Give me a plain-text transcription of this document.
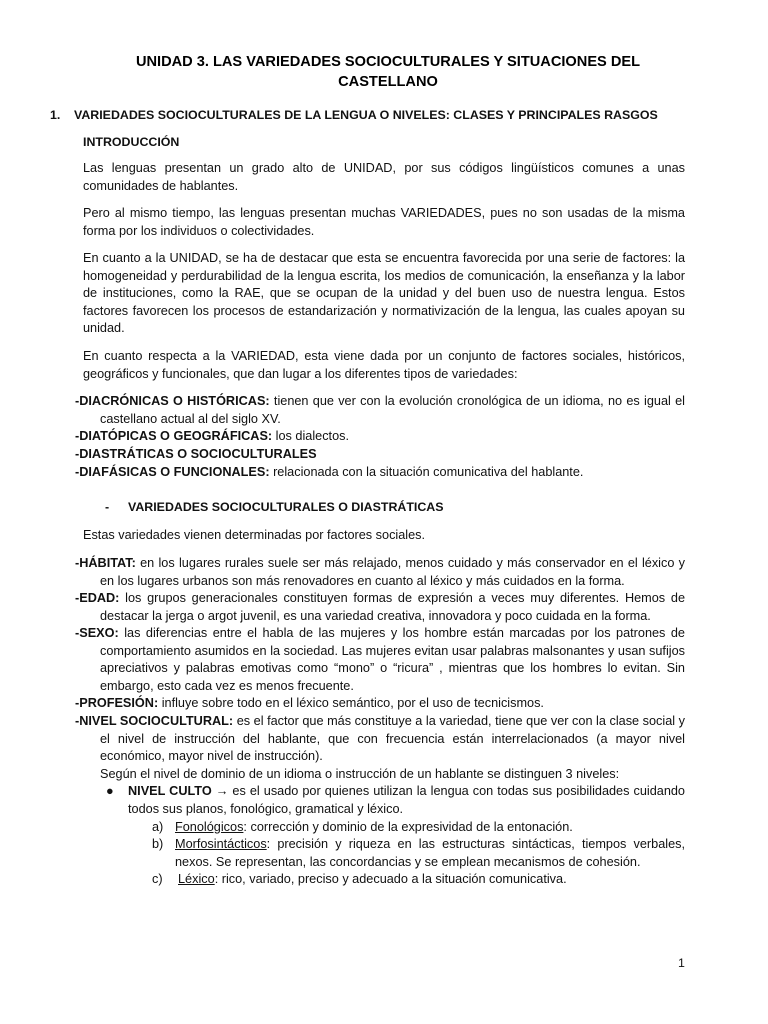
UNIDAD 3. LAS VARIEDADES SOCIOCULTURALES Y SITUACIONES DEL
CASTELLANO
1. VARIEDADES SOCIOCULTURALES DE LA LENGUA O NIVELES: CLASES Y PRINCIPALES RASGOS
INTRODUCCIÓN
Las lenguas presentan un grado alto de UNIDAD, por sus códigos lingüísticos comunes a unas comunidades de hablantes.
Pero al mismo tiempo, las lenguas presentan muchas VARIEDADES, pues no son usadas de la misma forma por los individuos o colectividades.
En cuanto a la UNIDAD, se ha de destacar que esta se encuentra favorecida por una serie de factores: la homogeneidad y perdurabilidad de la lengua escrita, los medios de comunicación, la enseñanza y la labor de instituciones, como la RAE, que se ocupan de la unidad y del buen uso de nuestra lengua. Estos factores favorecen los procesos de estandarización y normativización de la lengua, las cuales apoyan su unidad.
En cuanto respecta a la VARIEDAD, esta viene dada por un conjunto de factores sociales, históricos, geográficos y funcionales, que dan lugar a los diferentes tipos de variedades:
-DIACRÓNICAS O HISTÓRICAS: tienen que ver con la evolución cronológica de un idioma, no es igual el castellano actual al del siglo XV.
-DIATÓPICAS O GEOGRÁFICAS: los dialectos.
-DIASTRÁTICAS O SOCIOCULTURALES
-DIAFÁSICAS O FUNCIONALES: relacionada con la situación comunicativa del hablante.
- VARIEDADES SOCIOCULTURALES O DIASTRÁTICAS
Estas variedades vienen determinadas por factores sociales.
-HÁBITAT: en los lugares rurales suele ser más relajado, menos cuidado y más conservador en el léxico y en los lugares urbanos son más renovadores en cuanto al léxico y más cuidados en la forma.
-EDAD: los grupos generacionales constituyen formas de expresión a veces muy diferentes. Hemos de destacar la jerga o argot juvenil, es una variedad creativa, innovadora y poco cuidada en la forma.
-SEXO: las diferencias entre el habla de las mujeres y los hombre están marcadas por los patrones de comportamiento asumidos en la sociedad. Las mujeres evitan usar palabras malsonantes y usan sufijos apreciativos y palabras emotivas como “mono” o “ricura” , mientras que los hombres lo evitan. Sin embargo, esto cada vez es menos frecuente.
-PROFESIÓN: influye sobre todo en el léxico semántico, por el uso de tecnicismos.
-NIVEL SOCIOCULTURAL: es el factor que más constituye a la variedad, tiene que ver con la clase social y el nivel de instrucción del hablante, que con frecuencia están interrelacionados (a mayor nivel económico, mayor nivel de instrucción).
Según el nivel de dominio de un idioma o instrucción de un hablante se distinguen 3 niveles:
● NIVEL CULTO → es el usado por quienes utilizan la lengua con todas sus posibilidades cuidando todos sus planos, fonológico, gramatical y léxico.
a) Fonológicos: corrección y dominio de la expresividad de la entonación.
b) Morfosintácticos: precisión y riqueza en las estructuras sintácticas, tiempos verbales, nexos. Se representan, las concordancias y se emplean mecanismos de cohesión.
c) Léxico: rico, variado, preciso y adecuado a la situación comunicativa.
1
